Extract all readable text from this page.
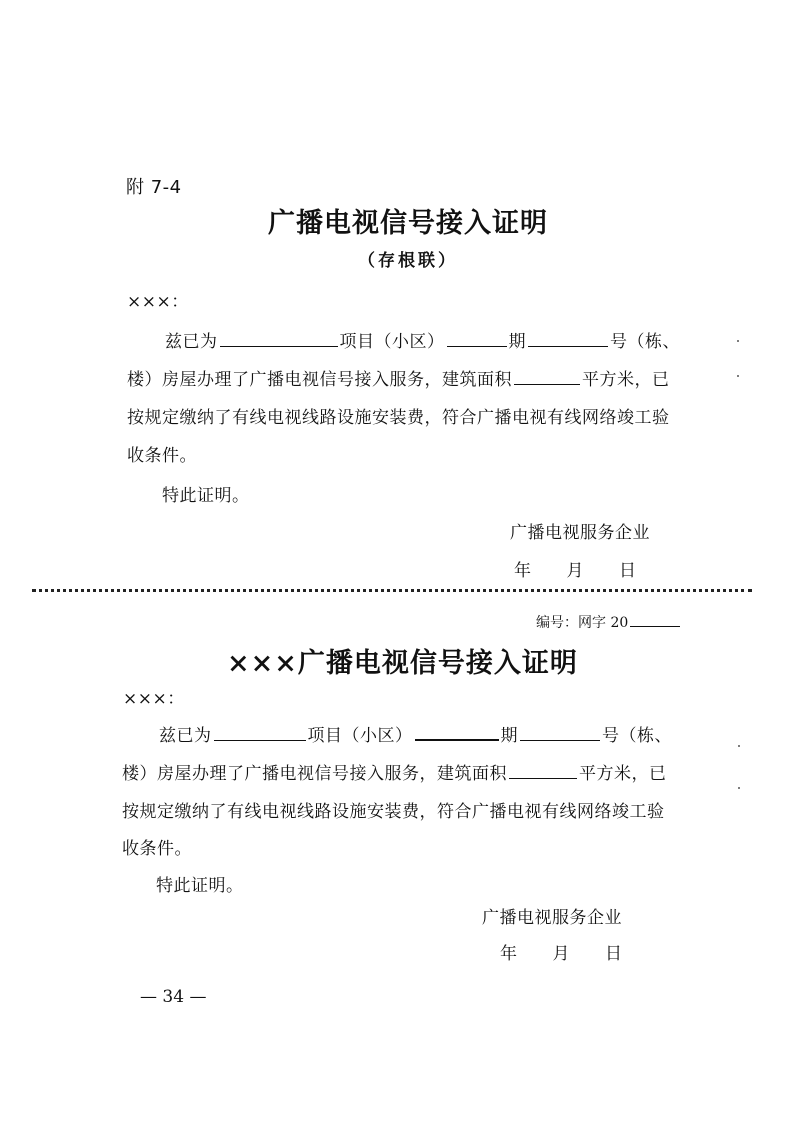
附 7-4
广播电视信号接入证明
（存根联）
×××：
兹已为	项目（小区）	期	号（栋、
楼）房屋办理了广播电视信号接入服务，建筑面积	平方米，已
按规定缴纳了有线电视线路设施安装费，符合广播电视有线网络竣工验
收条件。
特此证明。
广播电视服务企业
年　　月　　日
编号：网字 20
×××广播电视信号接入证明
×××：
兹已为	项目（小区）	期	号（栋、
楼）房屋办理了广播电视信号接入服务，建筑面积	平方米，已
按规定缴纳了有线电视线路设施安装费，符合广播电视有线网络竣工验
收条件。
特此证明。
广播电视服务企业
年　　月　　日
— 34 —
